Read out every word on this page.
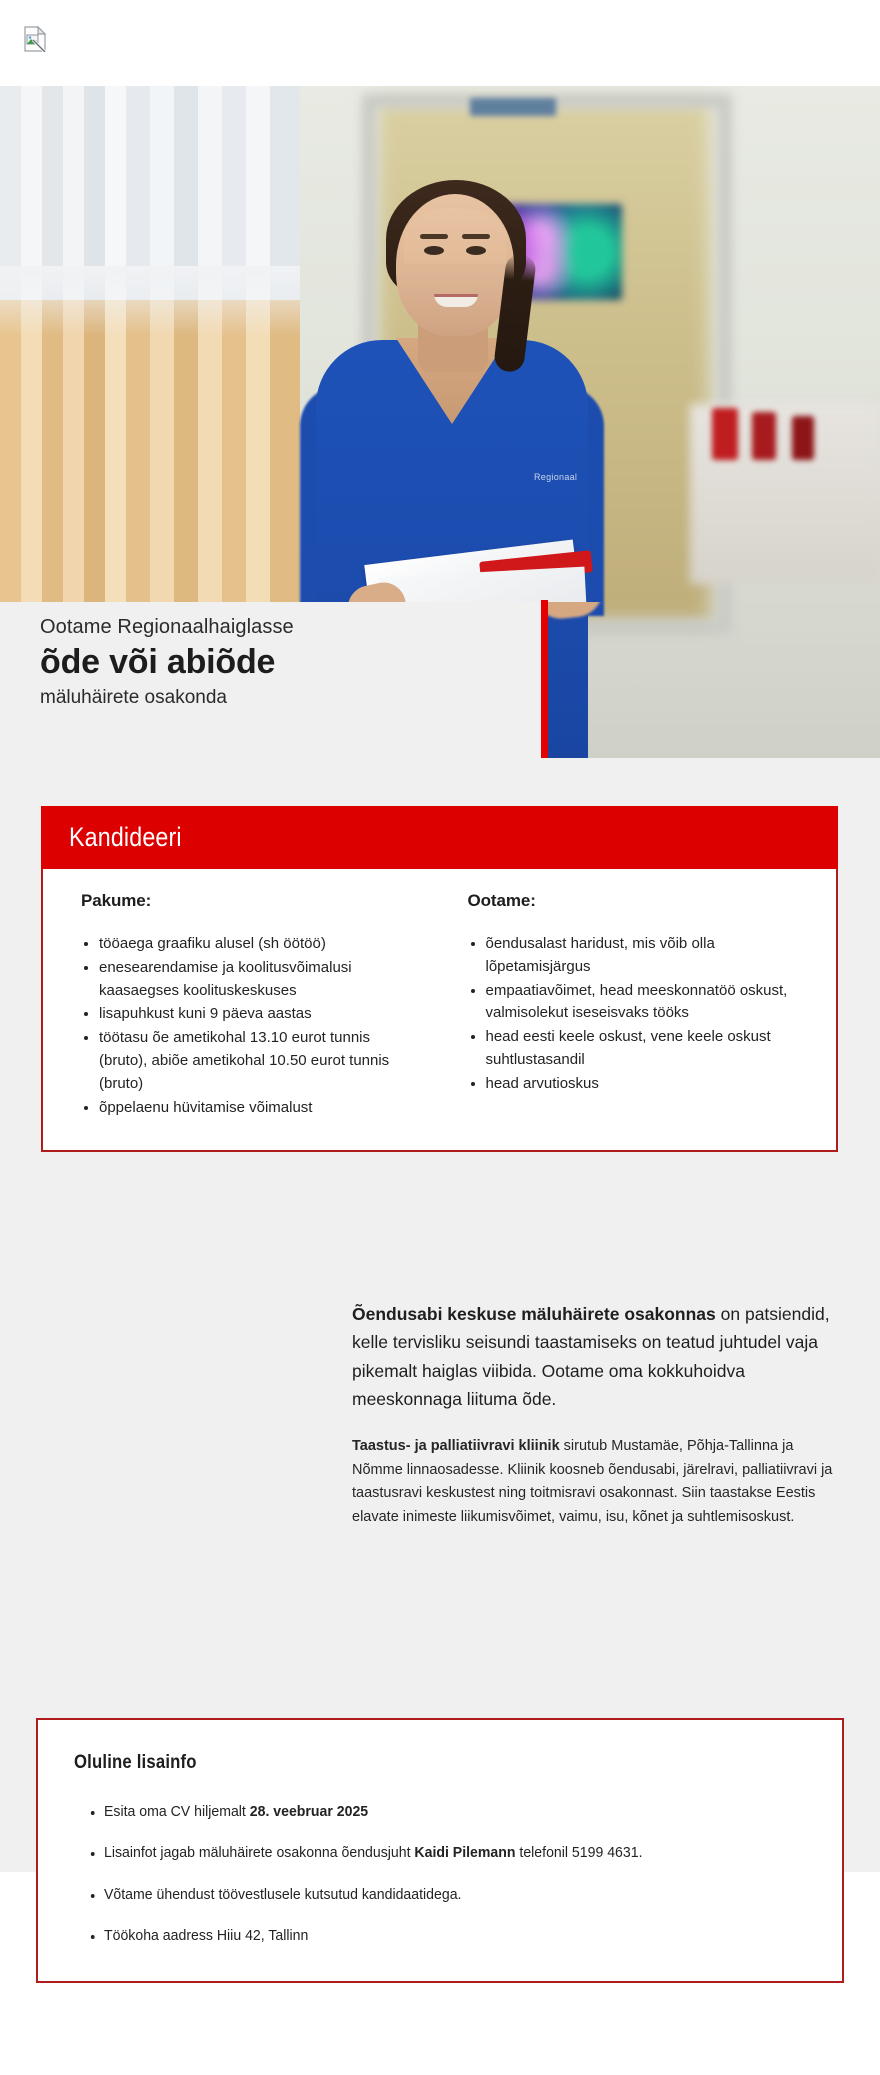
Regionaal
Ootame Regionaalhaiglasse
õde või abiõde
mäluhäirete osakonda
Kandideeri
Pakume:
• tööaega graafiku alusel (sh öötöö)
• enesearendamise ja koolitusvõimalusi kaasaegses koolituskeskuses
• lisapuhkust kuni 9 päeva aastas
• töötasu õe ametikohal 13.10 eurot tunnis (bruto), abiõe ametikohal 10.50 eurot tunnis (bruto)
• õppelaenu hüvitamise võimalust
Ootame:
• õendusalast haridust, mis võib olla lõpetamisjärgus
• empaatiavõimet, head meeskonnatöö oskust, valmisolekut iseseisvaks tööks
• head eesti keele oskust, vene keele oskust suhtlustasandil
• head arvutioskus

Õendusabi keskuse mäluhäirete osakonnas on patsiendid, kelle tervisliku seisundi taastamiseks on teatud juhtudel vaja pikemalt haiglas viibida. Ootame oma kokkuhoidva meeskonnaga liituma õde.

Taastus- ja palliatiivravi kliinik sirutub Mustamäe, Põhja-Tallinna ja Nõmme linnaosadesse. Kliinik koosneb õendusabi, järelravi, palliatiivravi ja taastusravi keskustest ning toitmisravi osakonnast. Siin taastakse Eestis elavate inimeste liikumisvõimet, vaimu, isu, kõnet ja suhtlemisoskust.

Oluline lisainfo
• Esita oma CV hiljemalt 28. veebruar 2025
• Lisainfot jagab mäluhäirete osakonna õendusjuht Kaidi Pilemann telefonil 5199 4631.
• Võtame ühendust töövestlusele kutsutud kandidaatidega.
• Töökoha aadress Hiiu 42, Tallinn
